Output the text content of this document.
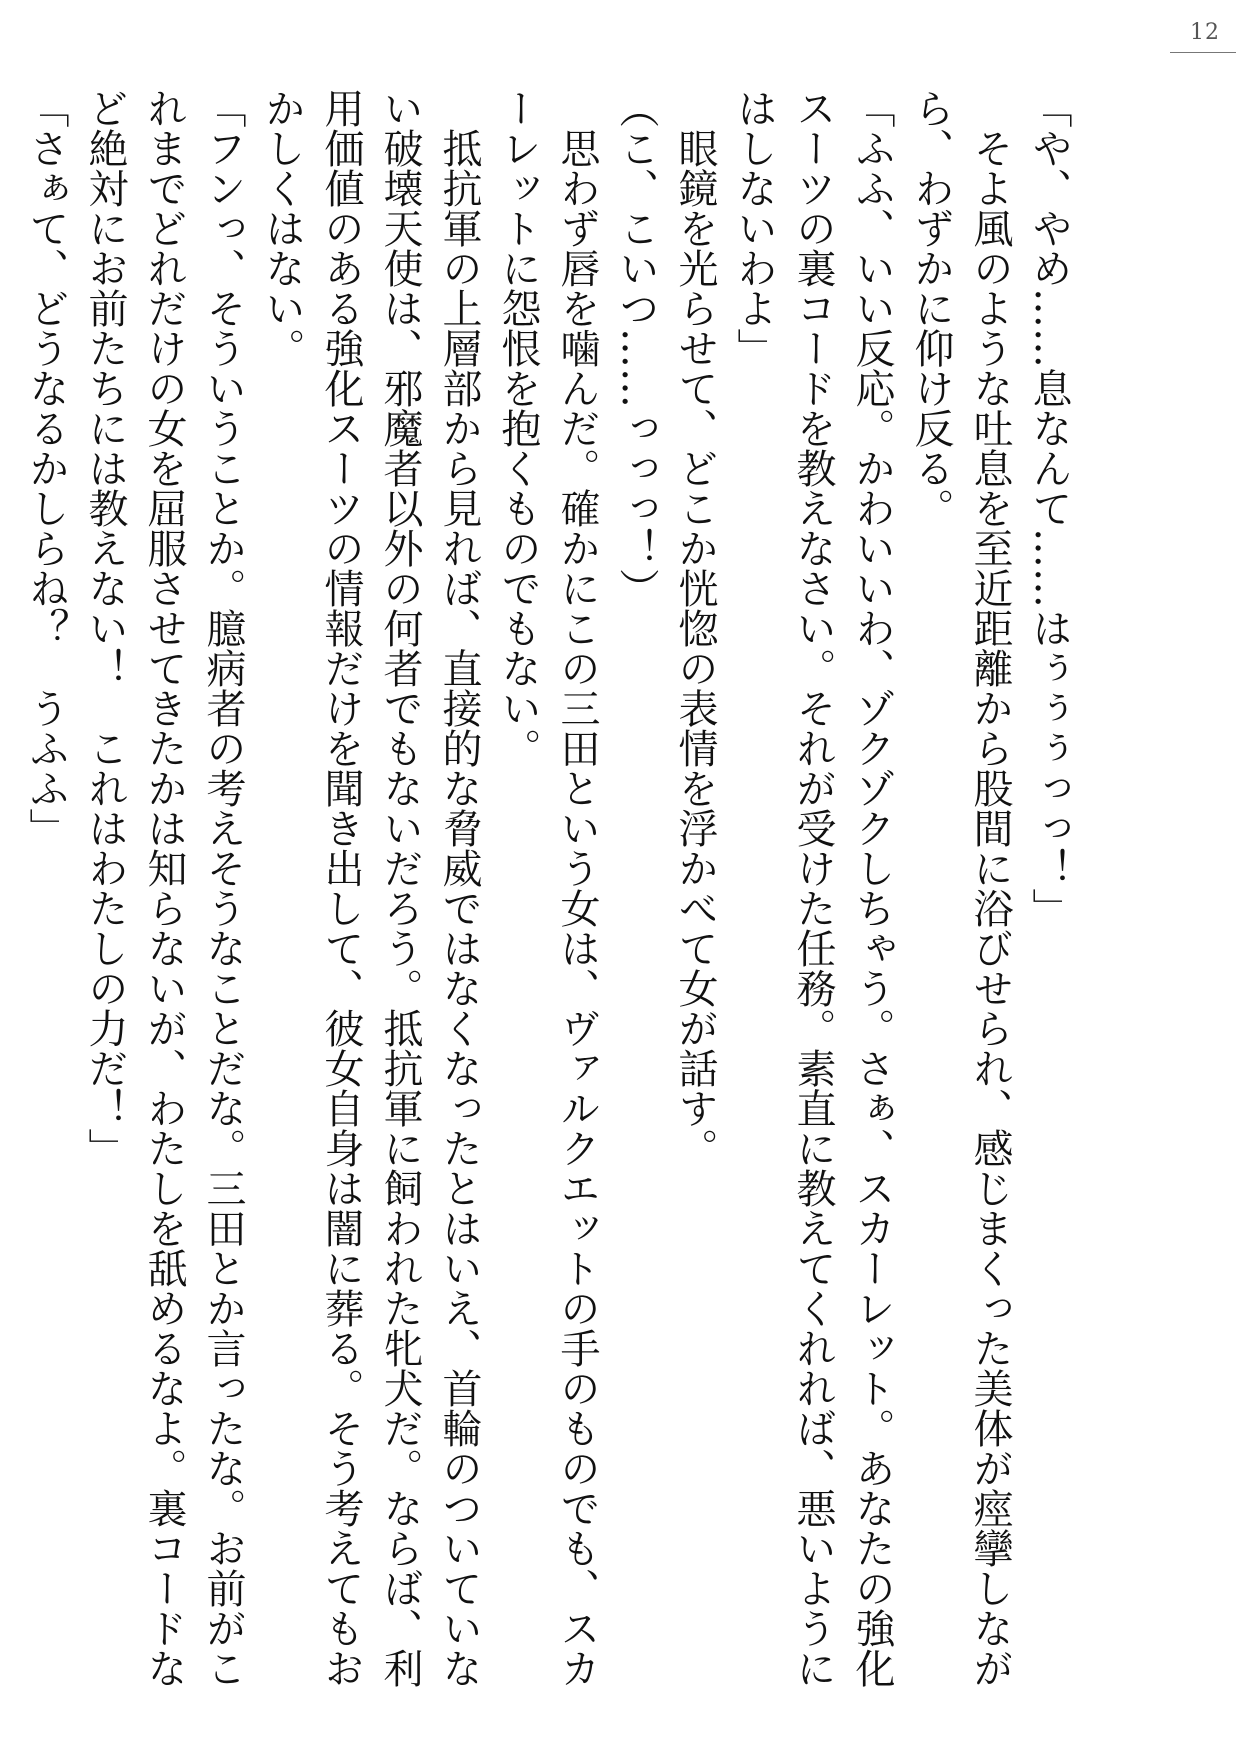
12

「や、やめ……息なんて……はぅぅぅっっ！」

そよ風のような吐息を至近距離から股間に浴びせられ、感じまくった美体が痙攣しながら、わずかに仰け反る。

「ふふ、いい反応。かわいいわ、ゾクゾクしちゃう。さぁ、スカーレット。あなたの強化スーツの裏コードを教えなさい。それが受けた任務。素直に教えてくれれば、悪いようにはしないわよ」

眼鏡を光らせて、どこか恍惚の表情を浮かべて女が話す。

（こ、こいつ……っっっ！）

思わず唇を噛んだ。確かにこの三田という女は、ヴァルクエットの手のものでも、スカーレットに怨恨を抱くものでもない。

抵抗軍の上層部から見れば、直接的な脅威ではなくなったとはいえ、首輪のついていない破壊天使は、邪魔者以外の何者でもないだろう。抵抗軍に飼われた牝犬だ。ならば、利用価値のある強化スーツの情報だけを聞き出して、彼女自身は闇に葬る。そう考えてもおかしくはない。

「フンっ、そういうことか。臆病者の考えそうなことだな。三田とか言ったな。お前がこれまでどれだけの女を屈服させてきたかは知らないが、わたしを舐めるなよ。裏コードなど絶対にお前たちには教えない！　これはわたしの力だ！」

「さぁて、どうなるかしらね？　うふふ」
